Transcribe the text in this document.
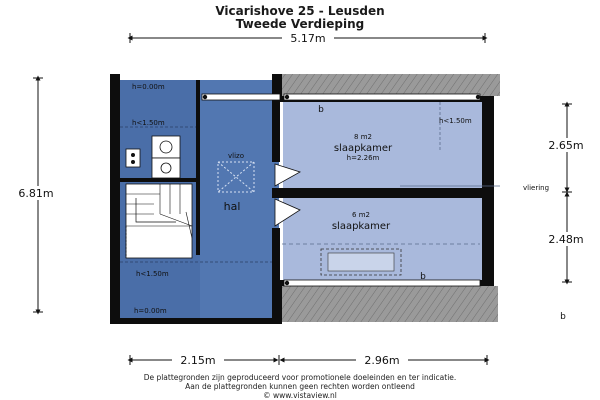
Vicarishove 25 - Leusden
Tweede Verdieping
5.17m
6.81m
2.65m
2.48m
2.15m	2.96m
h=0.00m
h<1.50m	h<1.50m
h<1.50m
h=0.00m
vlizo
hal
8 m2
slaapkamer
h=2.26m
6 m2
slaapkamer
b
b
b
vliering
De plattegronden zijn geproduceerd voor promotionele doeleinden en ter indicatie.
Aan de plattegronden kunnen geen rechten worden ontleend
© www.vistaview.nl
